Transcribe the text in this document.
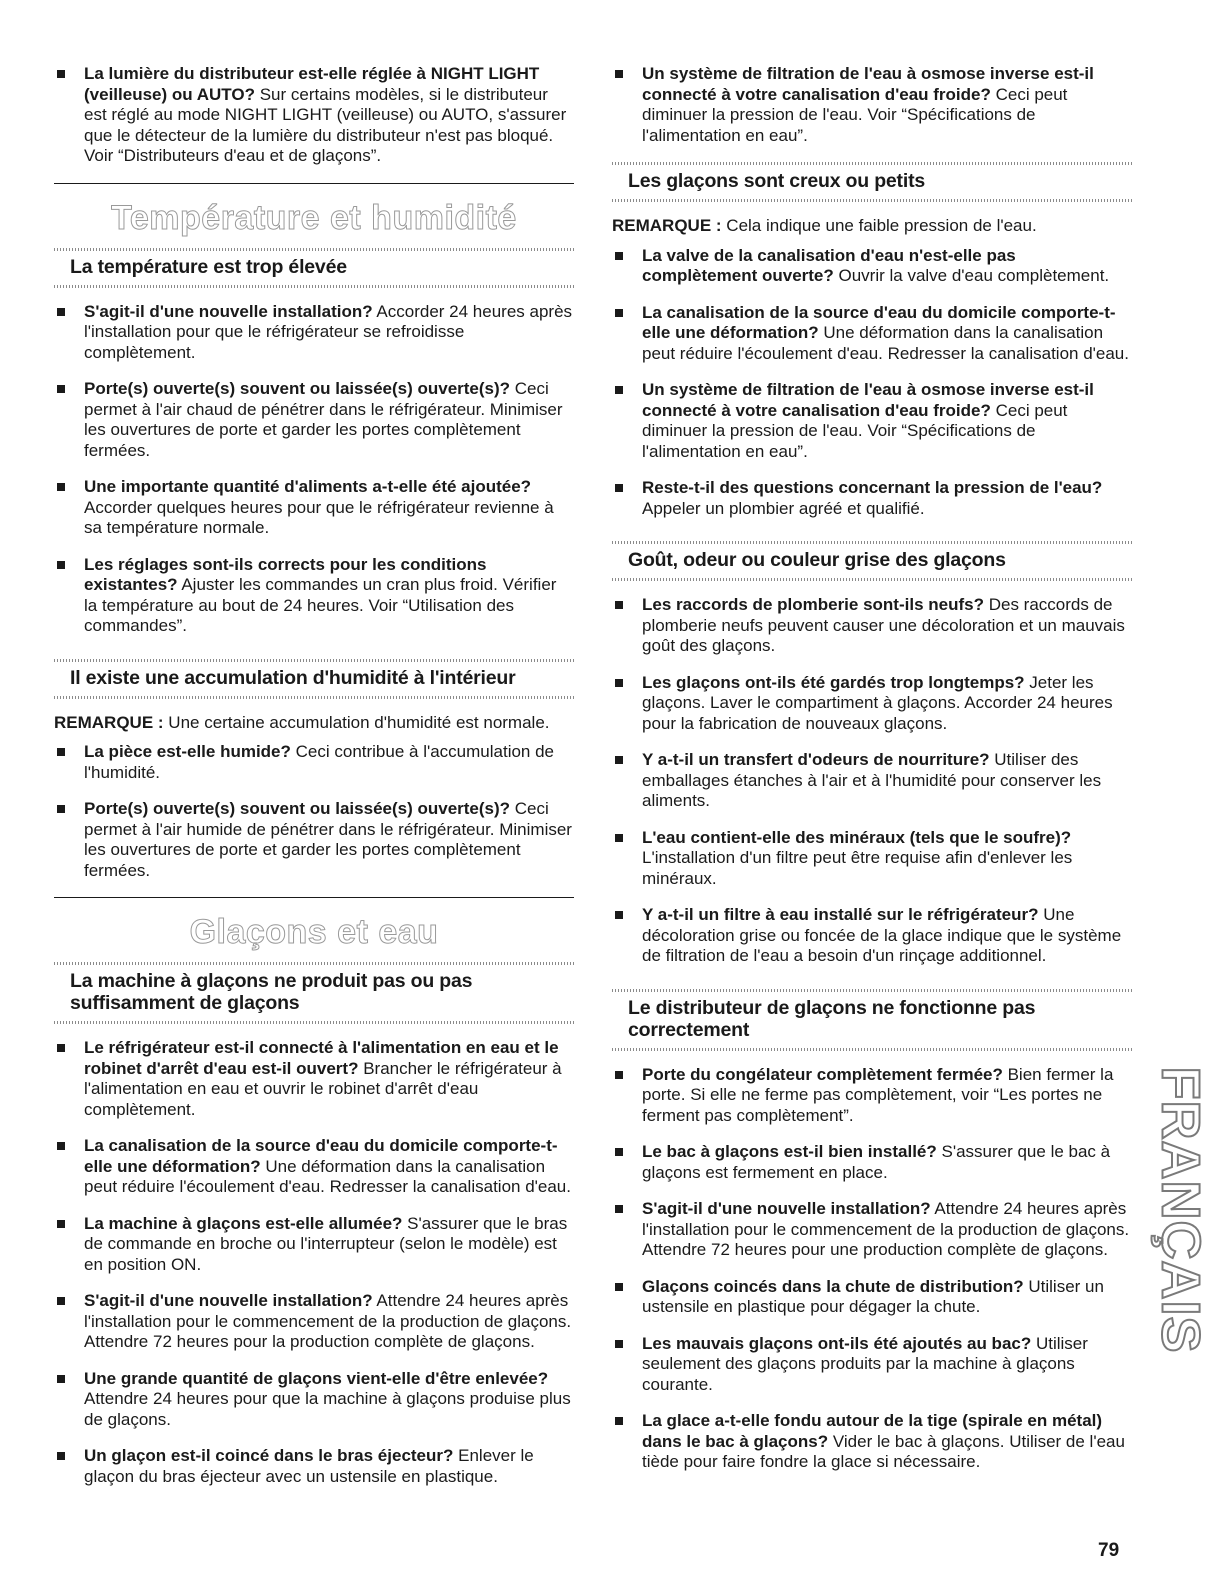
La lumière du distributeur est-elle réglée à NIGHT LIGHT (veilleuse) ou AUTO? Sur certains modèles, si le distributeur est réglé au mode NIGHT LIGHT (veilleuse) ou AUTO, s'assurer que le détecteur de la lumière du distributeur n'est pas bloqué. Voir “Distributeurs d'eau et de glaçons”.
Température et humidité
La température est trop élevée
S'agit-il d'une nouvelle installation? Accorder 24 heures après l'installation pour que le réfrigérateur se refroidisse complètement.
Porte(s) ouverte(s) souvent ou laissée(s) ouverte(s)? Ceci permet à l'air chaud de pénétrer dans le réfrigérateur. Minimiser les ouvertures de porte et garder les portes complètement fermées.
Une importante quantité d'aliments a-t-elle été ajoutée? Accorder quelques heures pour que le réfrigérateur revienne à sa température normale.
Les réglages sont-ils corrects pour les conditions existantes? Ajuster les commandes un cran plus froid. Vérifier la température au bout de 24 heures. Voir “Utilisation des commandes”.
Il existe une accumulation d'humidité à l'intérieur
REMARQUE : Une certaine accumulation d'humidité est normale.
La pièce est-elle humide? Ceci contribue à l'accumulation de l'humidité.
Porte(s) ouverte(s) souvent ou laissée(s) ouverte(s)? Ceci permet à l'air humide de pénétrer dans le réfrigérateur. Minimiser les ouvertures de porte et garder les portes complètement fermées.
Glaçons et eau
La machine à glaçons ne produit pas ou pas suffisamment de glaçons
Le réfrigérateur est-il connecté à l'alimentation en eau et le robinet d'arrêt d'eau est-il ouvert? Brancher le réfrigérateur à l'alimentation en eau et ouvrir le robinet d'arrêt d'eau complètement.
La canalisation de la source d'eau du domicile comporte-t-elle une déformation? Une déformation dans la canalisation peut réduire l'écoulement d'eau. Redresser la canalisation d'eau.
La machine à glaçons est-elle allumée? S'assurer que le bras de commande en broche ou l'interrupteur (selon le modèle) est en position ON.
S'agit-il d'une nouvelle installation? Attendre 24 heures après l'installation pour le commencement de la production de glaçons. Attendre 72 heures pour la production complète de glaçons.
Une grande quantité de glaçons vient-elle d'être enlevée? Attendre 24 heures pour que la machine à glaçons produise plus de glaçons.
Un glaçon est-il coincé dans le bras éjecteur? Enlever le glaçon du bras éjecteur avec un ustensile en plastique.
Un système de filtration de l'eau à osmose inverse est-il connecté à votre canalisation d'eau froide? Ceci peut diminuer la pression de l'eau. Voir “Spécifications de l'alimentation en eau”.
Les glaçons sont creux ou petits
REMARQUE : Cela indique une faible pression de l'eau.
La valve de la canalisation d'eau n'est-elle pas complètement ouverte? Ouvrir la valve d'eau complètement.
La canalisation de la source d'eau du domicile comporte-t-elle une déformation? Une déformation dans la canalisation peut réduire l'écoulement d'eau. Redresser la canalisation d'eau.
Un système de filtration de l'eau à osmose inverse est-il connecté à votre canalisation d'eau froide? Ceci peut diminuer la pression de l'eau. Voir “Spécifications de l'alimentation en eau”.
Reste-t-il des questions concernant la pression de l'eau? Appeler un plombier agréé et qualifié.
Goût, odeur ou couleur grise des glaçons
Les raccords de plomberie sont-ils neufs? Des raccords de plomberie neufs peuvent causer une décoloration et un mauvais goût des glaçons.
Les glaçons ont-ils été gardés trop longtemps? Jeter les glaçons. Laver le compartiment à glaçons. Accorder 24 heures pour la fabrication de nouveaux glaçons.
Y a-t-il un transfert d'odeurs de nourriture? Utiliser des emballages étanches à l'air et à l'humidité pour conserver les aliments.
L'eau contient-elle des minéraux (tels que le soufre)? L'installation d'un filtre peut être requise afin d'enlever les minéraux.
Y a-t-il un filtre à eau installé sur le réfrigérateur? Une décoloration grise ou foncée de la glace indique que le système de filtration de l'eau a besoin d'un rinçage additionnel.
Le distributeur de glaçons ne fonctionne pas correctement
Porte du congélateur complètement fermée? Bien fermer la porte. Si elle ne ferme pas complètement, voir “Les portes ne ferment pas complètement”.
Le bac à glaçons est-il bien installé? S'assurer que le bac à glaçons est fermement en place.
S'agit-il d'une nouvelle installation? Attendre 24 heures après l'installation pour le commencement de la production de glaçons. Attendre 72 heures pour une production complète de glaçons.
Glaçons coincés dans la chute de distribution? Utiliser un ustensile en plastique pour dégager la chute.
Les mauvais glaçons ont-ils été ajoutés au bac? Utiliser seulement des glaçons produits par la machine à glaçons courante.
La glace a-t-elle fondu autour de la tige (spirale en métal) dans le bac à glaçons? Vider le bac à glaçons. Utiliser de l'eau tiède pour faire fondre la glace si nécessaire.
FRANÇAIS
79
